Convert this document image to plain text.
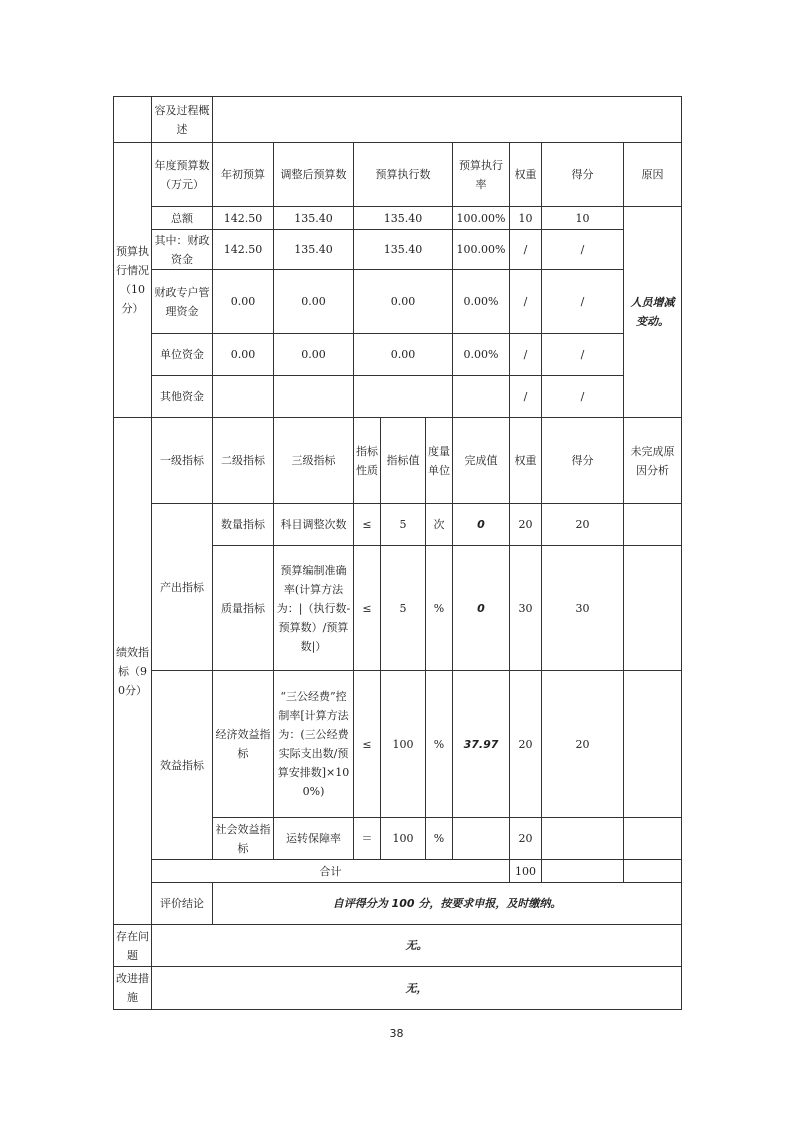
	容及过程概述									
预算执行情况（10分）	年度预算数（万元）	年初预算	调整后预算数	预算执行数			预算执行率	权重	得分	原因
	总额	142.50	135.40	135.40			100.00%	10	10	人员增减变动。
	其中：财政资金	142.50	135.40	135.40			100.00%	/	/	
	财政专户管理资金	0.00	0.00	0.00			0.00%	/	/	
	单位资金	0.00	0.00	0.00			0.00%	/	/	
	其他资金							/	/	
绩效指标（90分）	一级指标	二级指标	三级指标	指标性质	指标值	度量单位	完成值	权重	得分	未完成原因分析
	产出指标	数量指标	科目调整次数	≤	5	次	0	20	20	
		质量指标	预算编制准确率(计算方法为：|（执行数-预算数）/预算数|）	≤	5	%	0	30	30	
	效益指标	经济效益指标	“三公经费”控制率[计算方法为：(三公经费实际支出数/预算安排数]×100%)	≤	100	%	37.97	20	20	
		社会效益指标	运转保障率	＝	100	%		20		
	合计							100		
	评价结论	自评得分为 100 分，按要求申报，及时缴纳。								
存在问题	无。									
改进措施	无，									
38
